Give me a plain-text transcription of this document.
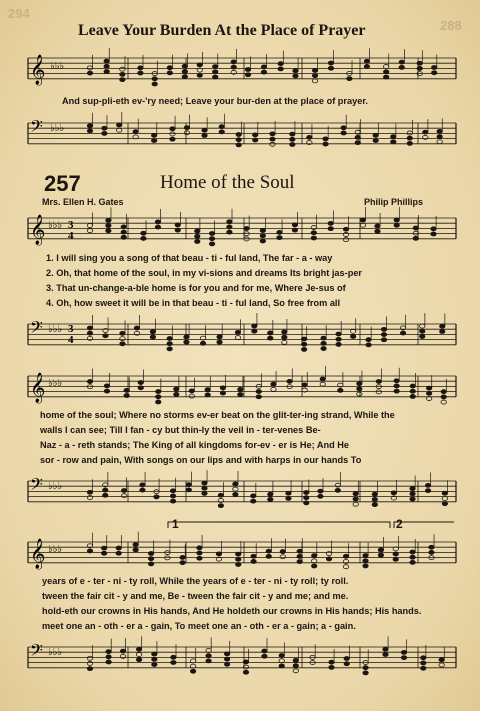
294
288
Leave Your Burden At the Place of Prayer
𝄞 ♭♭♭
And sup-pli-eth ev-'ry need; Leave your bur-den at the place of prayer.
𝄢 ♭♭♭
257	Home of the Soul
Mrs. Ellen H. Gates	Philip Phillips
𝄞 ♭♭♭ 3
4
1. I will sing you a song of that beau - ti - ful land, The far - a - way
2. Oh, that home of the soul, in my vi-sions and dreams Its bright jas-per
3. That un-change-a-ble home is for you and for me, Where Je-sus of
4. Oh, how sweet it will be in that beau - ti - ful land, So free from all
𝄢 ♭♭♭ 3
4
𝄞 ♭♭♭
home of the soul; Where no storms ev-er beat on the glit-ter-ing strand, While the
walls I can see; Till I fan - cy but thin-ly the veil in - ter-venes Be-
Naz - a - reth stands; The King of all kingdoms for-ev - er is He; And He
sor - row and pain, With songs on our lips and with harps in our hands To
𝄢 ♭♭♭
1	2
𝄞 ♭♭♭
years of e - ter - ni - ty roll, While the years of e - ter - ni - ty roll; ty roll.
tween the fair cit - y and me, Be - tween the fair cit - y and me; and me.
hold-eth our crowns in His hands, And He holdeth our crowns in His hands; His hands.
meet one an - oth - er a - gain, To meet one an - oth - er a - gain; a - gain.
𝄢 ♭♭♭
